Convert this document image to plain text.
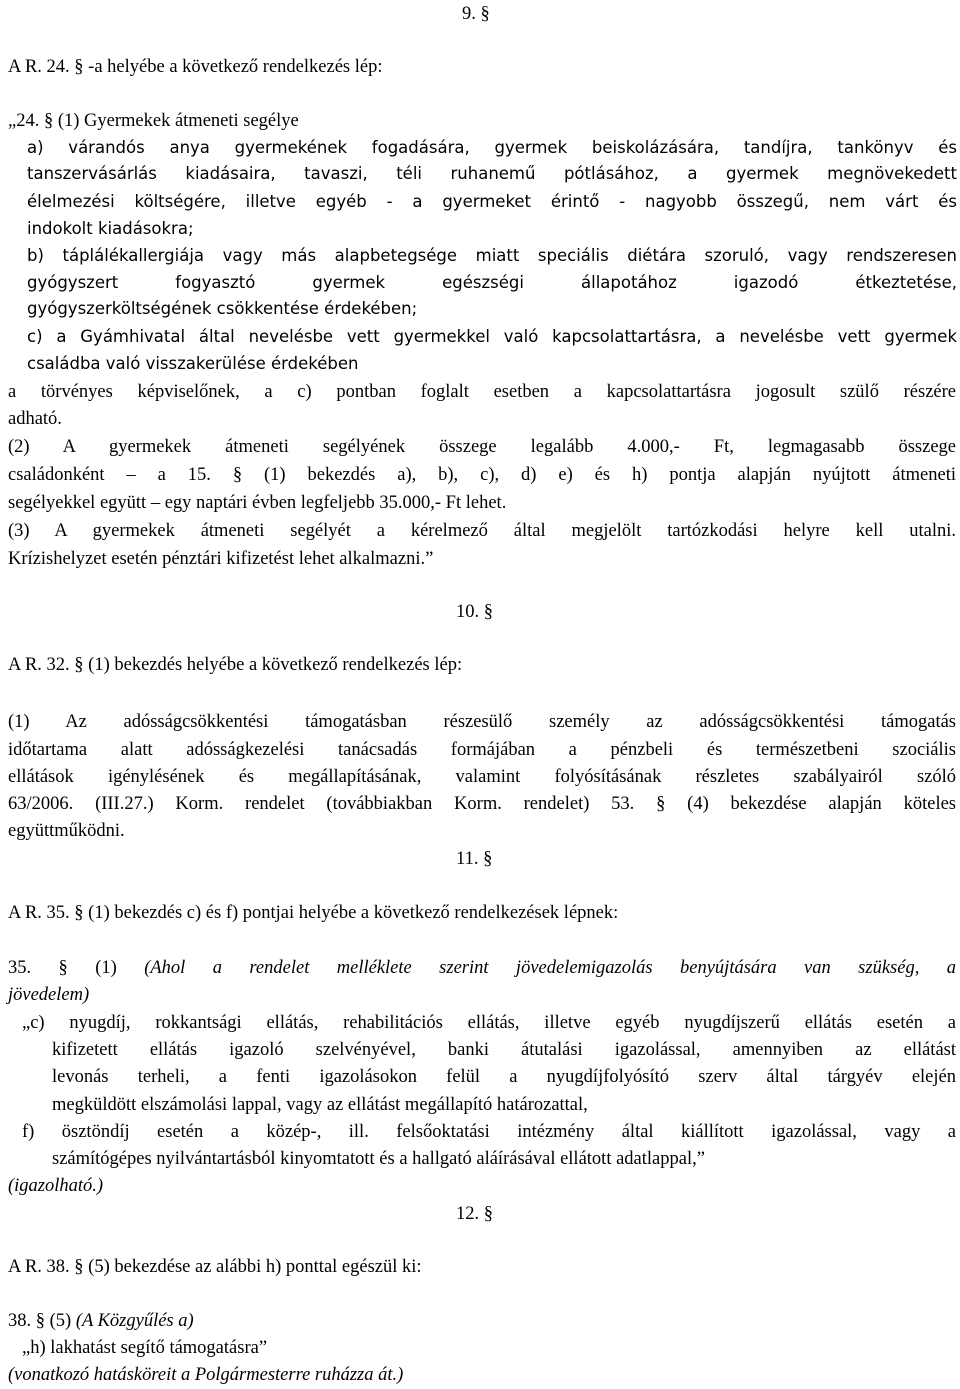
9. §
A R. 24. § -a helyébe a következő rendelkezés lép:
„24. § (1) Gyermekek átmeneti segélye
a) várandós anya gyermekének fogadására, gyermek beiskolázására, tandíjra, tankönyv és
tanszervásárlás kiadásaira, tavaszi, téli ruhanemű pótlásához, a gyermek megnövekedett
élelmezési költségére, illetve egyéb - a gyermeket érintő - nagyobb összegű, nem várt és
indokolt kiadásokra;
b) táplálékallergiája vagy más alapbetegsége miatt speciális diétára szoruló, vagy rendszeresen
gyógyszert fogyasztó gyermek egészségi állapotához igazodó étkeztetése,
gyógyszerköltségének csökkentése érdekében;
c) a Gyámhivatal által nevelésbe vett gyermekkel való kapcsolattartásra, a nevelésbe vett gyermek
családba való visszakerülése érdekében
a törvényes képviselőnek, a c) pontban foglalt esetben a kapcsolattartásra jogosult szülő részére
adható.
(2) A gyermekek átmeneti segélyének összege legalább 4.000,- Ft, legmagasabb összege
családonként – a 15. § (1) bekezdés a), b), c), d) e) és h) pontja alapján nyújtott átmeneti
segélyekkel együtt – egy naptári évben legfeljebb 35.000,- Ft lehet.
(3) A gyermekek átmeneti segélyét a kérelmező által megjelölt tartózkodási helyre kell utalni.
Krízishelyzet esetén pénztári kifizetést lehet alkalmazni.”
10. §
A R. 32. § (1) bekezdés helyébe a következő rendelkezés lép:
(1) Az adósságcsökkentési támogatásban részesülő személy az adósságcsökkentési támogatás
időtartama alatt adósságkezelési tanácsadás formájában a pénzbeli és természetbeni szociális
ellátások igénylésének és megállapításának, valamint folyósításának részletes szabályairól szóló
63/2006. (III.27.) Korm. rendelet (továbbiakban Korm. rendelet) 53. § (4) bekezdése alapján köteles
együttműködni.
11. §
A R. 35. § (1) bekezdés c) és f) pontjai helyébe a következő rendelkezések lépnek:
35. § (1) (Ahol a rendelet melléklete szerint jövedelemigazolás benyújtására van szükség, a
jövedelem)
„c) nyugdíj, rokkantsági ellátás, rehabilitációs ellátás, illetve egyéb nyugdíjszerű ellátás esetén a
kifizetett ellátás igazoló szelvényével, banki átutalási igazolással, amennyiben az ellátást
levonás terheli, a fenti igazolásokon felül a nyugdíjfolyósító szerv által tárgyév elején
megküldött elszámolási lappal, vagy az ellátást megállapító határozattal,
f) ösztöndíj esetén a közép-, ill. felsőoktatási intézmény által kiállított igazolással, vagy a
számítógépes nyilvántartásból kinyomtatott és a hallgató aláírásával ellátott adatlappal,”
(igazolható.)
12. §
A R. 38. § (5) bekezdése az alábbi h) ponttal egészül ki:
38. § (5) (A Közgyűlés a)
„h) lakhatást segítő támogatásra”
(vonatkozó hatásköreit a Polgármesterre ruházza át.)
